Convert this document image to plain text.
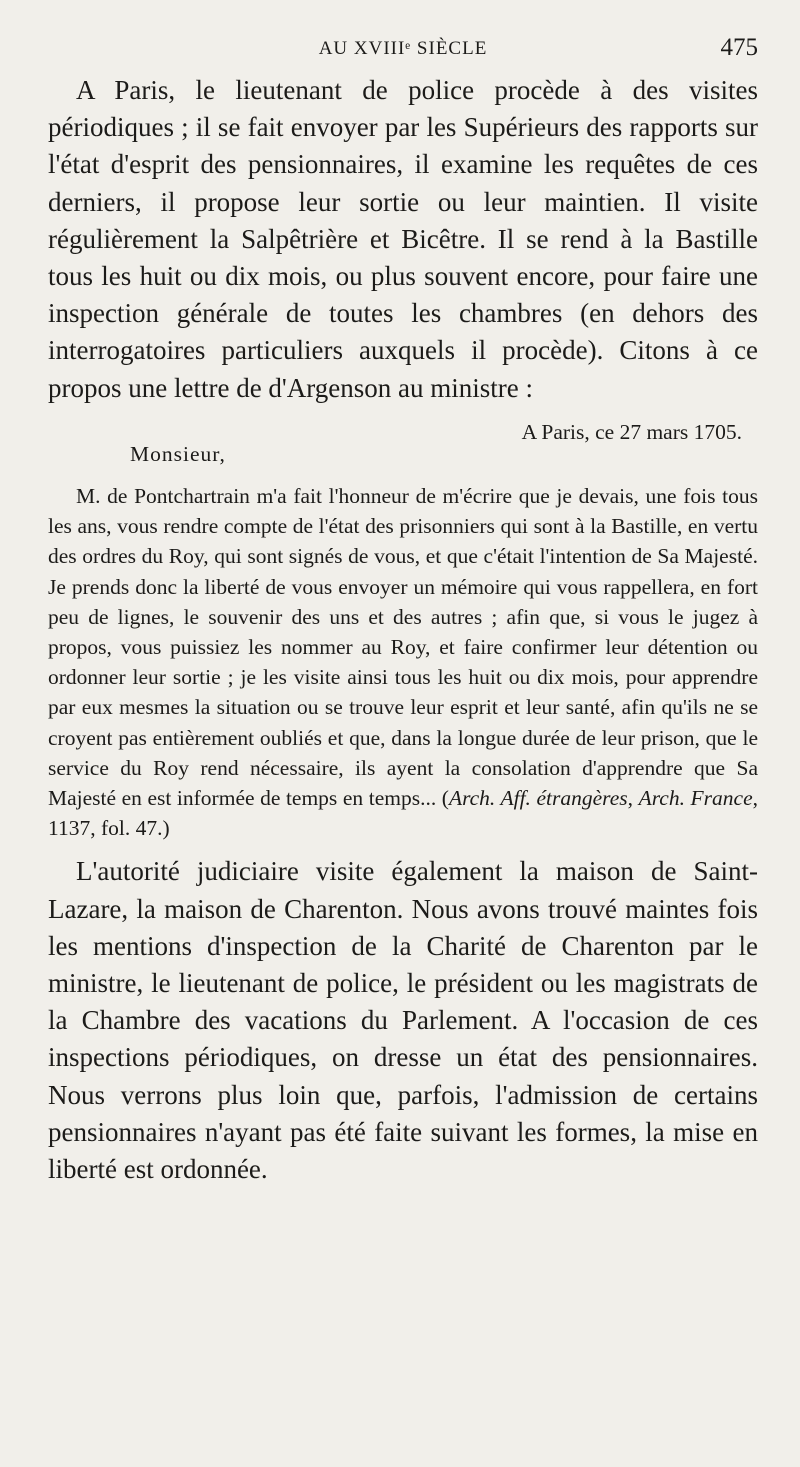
AU XVIIIᵉ SIÈCLE	475

A Paris, le lieutenant de police procède à des visites périodiques ; il se fait envoyer par les Supérieurs des rapports sur l'état d'esprit des pensionnaires, il examine les requêtes de ces derniers, il propose leur sortie ou leur maintien. Il visite régulièrement la Salpêtrière et Bicêtre. Il se rend à la Bastille tous les huit ou dix mois, ou plus souvent encore, pour faire une inspection générale de toutes les chambres (en dehors des interrogatoires particuliers auxquels il procède). Citons à ce propos une lettre de d'Argenson au ministre :

A Paris, ce 27 mars 1705.

Monsieur,

M. de Pontchartrain m'a fait l'honneur de m'écrire que je devais, une fois tous les ans, vous rendre compte de l'état des prisonniers qui sont à la Bastille, en vertu des ordres du Roy, qui sont signés de vous, et que c'était l'intention de Sa Majesté. Je prends donc la liberté de vous envoyer un mémoire qui vous rappellera, en fort peu de lignes, le souvenir des uns et des autres ; afin que, si vous le jugez à propos, vous puissiez les nommer au Roy, et faire confirmer leur détention ou ordonner leur sortie ; je les visite ainsi tous les huit ou dix mois, pour apprendre par eux mesmes la situation ou se trouve leur esprit et leur santé, afin qu'ils ne se croyent pas entièrement oubliés et que, dans la longue durée de leur prison, que le service du Roy rend nécessaire, ils ayent la consolation d'apprendre que Sa Majesté en est informée de temps en temps... (Arch. Aff. étrangères, Arch. France, 1137, fol. 47.)

L'autorité judiciaire visite également la maison de Saint-Lazare, la maison de Charenton. Nous avons trouvé maintes fois les mentions d'inspection de la Charité de Charenton par le ministre, le lieutenant de police, le président ou les magistrats de la Chambre des vacations du Parlement. A l'occasion de ces inspections périodiques, on dresse un état des pensionnaires. Nous verrons plus loin que, parfois, l'admission de certains pensionnaires n'ayant pas été faite suivant les formes, la mise en liberté est ordonnée.
